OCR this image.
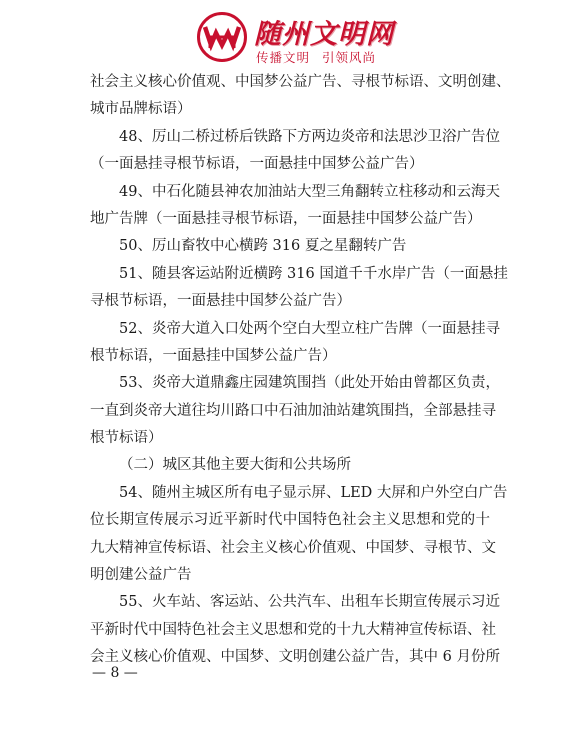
随州文明网
传播文明 引领风尚
社会主义核心价值观、中国梦公益广告、寻根节标语、文明创建、
城市品牌标语）
48、厉山二桥过桥后铁路下方两边炎帝和法思沙卫浴广告位
（一面悬挂寻根节标语，一面悬挂中国梦公益广告）
49、中石化随县神农加油站大型三角翻转立柱移动和云海天
地广告牌（一面悬挂寻根节标语，一面悬挂中国梦公益广告）
50、厉山畜牧中心横跨 316 夏之星翻转广告
51、随县客运站附近横跨 316 国道千千水岸广告（一面悬挂
寻根节标语，一面悬挂中国梦公益广告）
52、炎帝大道入口处两个空白大型立柱广告牌（一面悬挂寻
根节标语，一面悬挂中国梦公益广告）
53、炎帝大道鼎鑫庄园建筑围挡（此处开始由曾都区负责，
一直到炎帝大道往均川路口中石油加油站建筑围挡，全部悬挂寻
根节标语）
（二）城区其他主要大街和公共场所
54、随州主城区所有电子显示屏、LED 大屏和户外空白广告
位长期宣传展示习近平新时代中国特色社会主义思想和党的十
九大精神宣传标语、社会主义核心价值观、中国梦、寻根节、文
明创建公益广告
55、火车站、客运站、公共汽车、出租车长期宣传展示习近
平新时代中国特色社会主义思想和党的十九大精神宣传标语、社
会主义核心价值观、中国梦、文明创建公益广告，其中 6 月份所
— 8 —
